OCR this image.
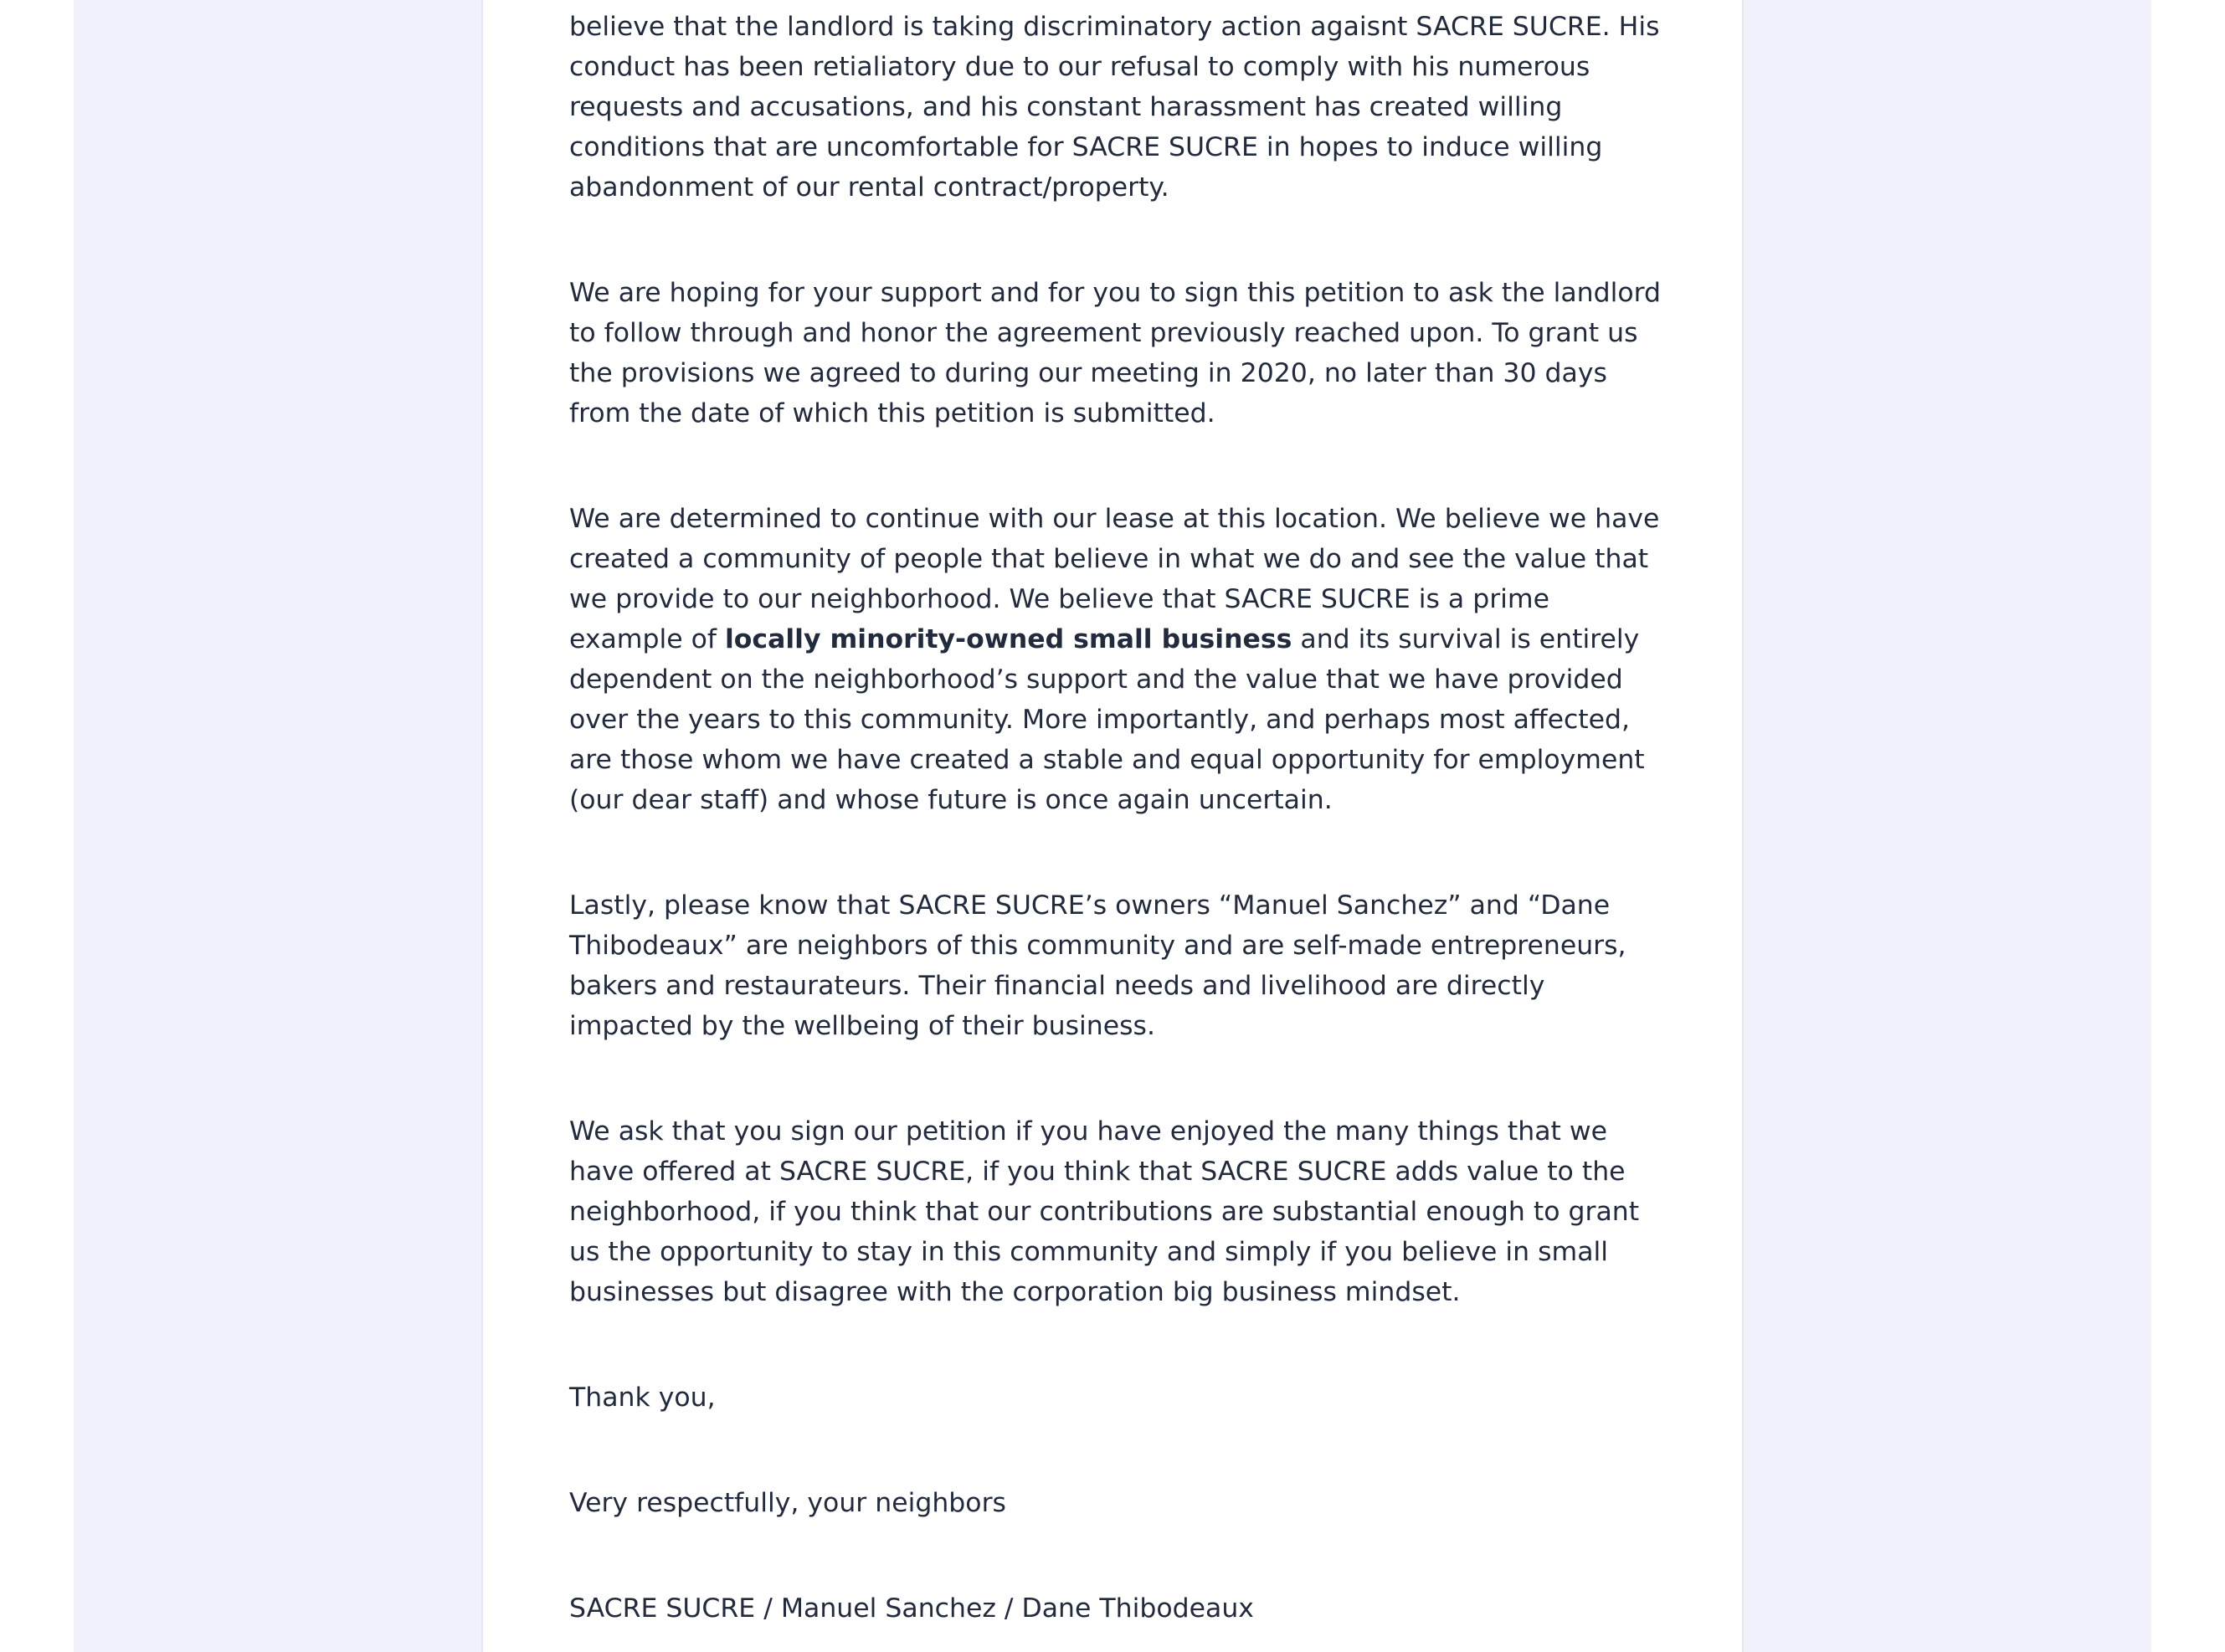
believe that the landlord is taking discriminatory action agaisnt SACRE SUCRE. His conduct has been retialiatory due to our refusal to comply with his numerous requests and accusations, and his constant harassment has created willing conditions that are uncomfortable for SACRE SUCRE in hopes to induce willing abandonment of our rental contract/property.

We are hoping for your support and for you to sign this petition to ask the landlord to follow through and honor the agreement previously reached upon. To grant us the provisions we agreed to during our meeting in 2020, no later than 30 days from the date of which this petition is submitted.

We are determined to continue with our lease at this location. We believe we have created a community of people that believe in what we do and see the value that we provide to our neighborhood. We believe that SACRE SUCRE is a prime example of locally minority-owned small business and its survival is entirely dependent on the neighborhood’s support and the value that we have provided over the years to this community. More importantly, and perhaps most affected, are those whom we have created a stable and equal opportunity for employment (our dear staff) and whose future is once again uncertain.

Lastly, please know that SACRE SUCRE’s owners “Manuel Sanchez” and “Dane Thibodeaux” are neighbors of this community and are self-made entrepreneurs, bakers and restaurateurs. Their financial needs and livelihood are directly impacted by the wellbeing of their business.

We ask that you sign our petition if you have enjoyed the many things that we have offered at SACRE SUCRE, if you think that SACRE SUCRE adds value to the neighborhood, if you think that our contributions are substantial enough to grant us the opportunity to stay in this community and simply if you believe in small businesses but disagree with the corporation big business mindset.

Thank you,

Very respectfully, your neighbors

SACRE SUCRE / Manuel Sanchez / Dane Thibodeaux
